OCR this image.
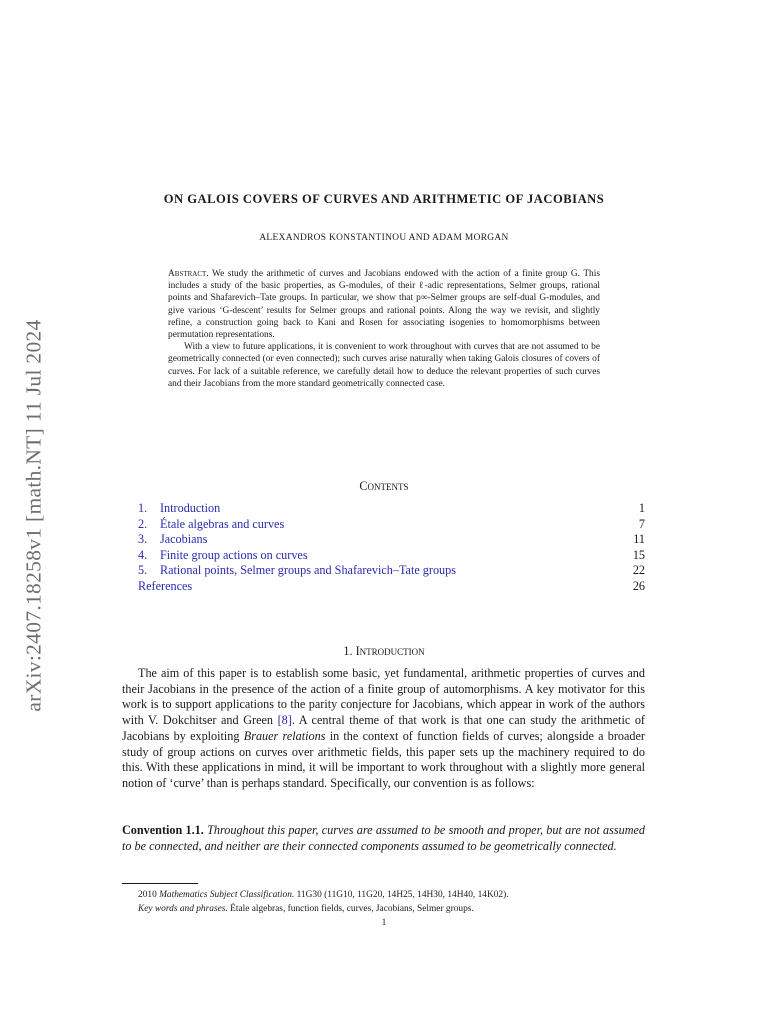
arXiv:2407.18258v1 [math.NT] 11 Jul 2024
ON GALOIS COVERS OF CURVES AND ARITHMETIC OF JACOBIANS
ALEXANDROS KONSTANTINOU AND ADAM MORGAN

Abstract. We study the arithmetic of curves and Jacobians endowed with the action of a finite group G. This includes a study of the basic properties, as G-modules, of their ℓ-adic representations, Selmer groups, rational points and Shafarevich–Tate groups. In particular, we show that p∞-Selmer groups are self-dual G-modules, and give various ‘G-descent’ results for Selmer groups and rational points. Along the way we revisit, and slightly refine, a construction going back to Kani and Rosen for associating isogenies to homomorphisms between permutation representations.

With a view to future applications, it is convenient to work throughout with curves that are not assumed to be geometrically connected (or even connected); such curves arise naturally when taking Galois closures of covers of curves. For lack of a suitable reference, we carefully detail how to deduce the relevant properties of such curves and their Jacobians from the more standard geometrically connected case.

Contents
1. Introduction	1
2. Étale algebras and curves	7
3. Jacobians	11
4. Finite group actions on curves	15
5. Rational points, Selmer groups and Shafarevich–Tate groups	22
References	26
1. Introduction

The aim of this paper is to establish some basic, yet fundamental, arithmetic properties of curves and their Jacobians in the presence of the action of a finite group of automorphisms. A key motivator for this work is to support applications to the parity conjecture for Jacobians, which appear in work of the authors with V. Dokchitser and Green [8]. A central theme of that work is that one can study the arithmetic of Jacobians by exploiting Brauer relations in the context of function fields of curves; alongside a broader study of group actions on curves over arithmetic fields, this paper sets up the machinery required to do this. With these applications in mind, it will be important to work throughout with a slightly more general notion of ‘curve’ than is perhaps standard. Specifically, our convention is as follows:

Convention 1.1. Throughout this paper, curves are assumed to be smooth and proper, but are not assumed to be connected, and neither are their connected components assumed to be geometrically connected.
2010 Mathematics Subject Classification. 11G30 (11G10, 11G20, 14H25, 14H30, 14H40, 14K02).
Key words and phrases. Étale algebras, function fields, curves, Jacobians, Selmer groups.
1
